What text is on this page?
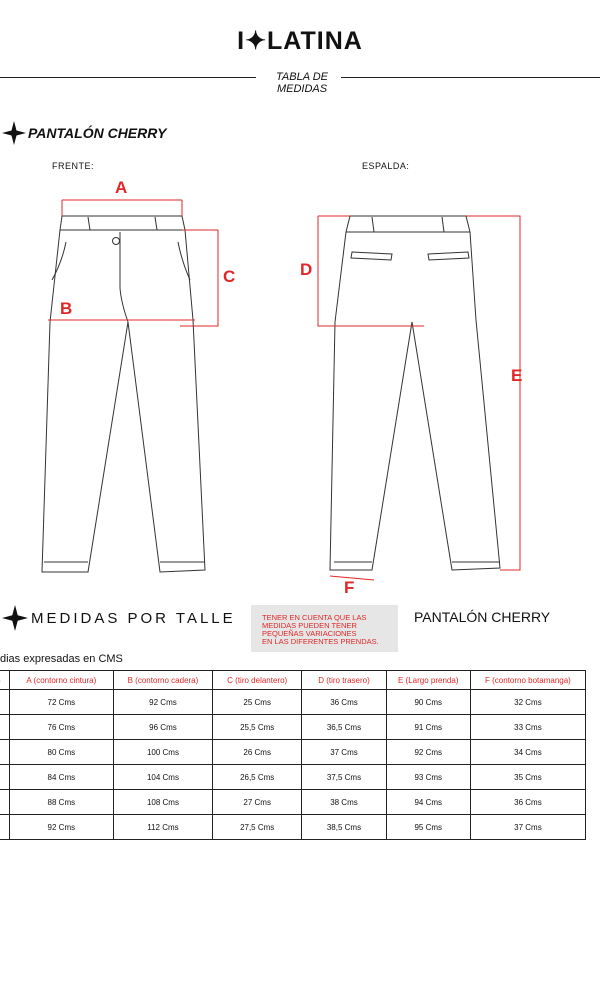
I✦LATINA
TABLA DE
MEDIDAS
PANTALÓN CHERRY
FRENTE:	ESPALDA:
A
B
C	D
E
F
MEDIDAS POR TALLE	TENER EN CUENTA QUE LAS
MEDIDAS PUEDEN TENER
PEQUEÑAS VARIACIONES
EN LAS DIFERENTES PRENDAS.
PANTALÓN CHERRY
dias expresadas en CMS
	A (contorno cintura)	B (contorno cadera)	C (tiro delantero)	D (tiro trasero)	E (Largo prenda)	F (contorno botamanga)
	72 Cms	92 Cms	25 Cms	36 Cms	90 Cms	32 Cms
	76 Cms	96 Cms	25,5 Cms	36,5 Cms	91 Cms	33 Cms
	80 Cms	100 Cms	26 Cms	37 Cms	92 Cms	34 Cms
	84 Cms	104 Cms	26,5 Cms	37,5 Cms	93 Cms	35 Cms
	88 Cms	108 Cms	27 Cms	38 Cms	94 Cms	36 Cms
	92 Cms	112 Cms	27,5 Cms	38,5 Cms	95 Cms	37 Cms
